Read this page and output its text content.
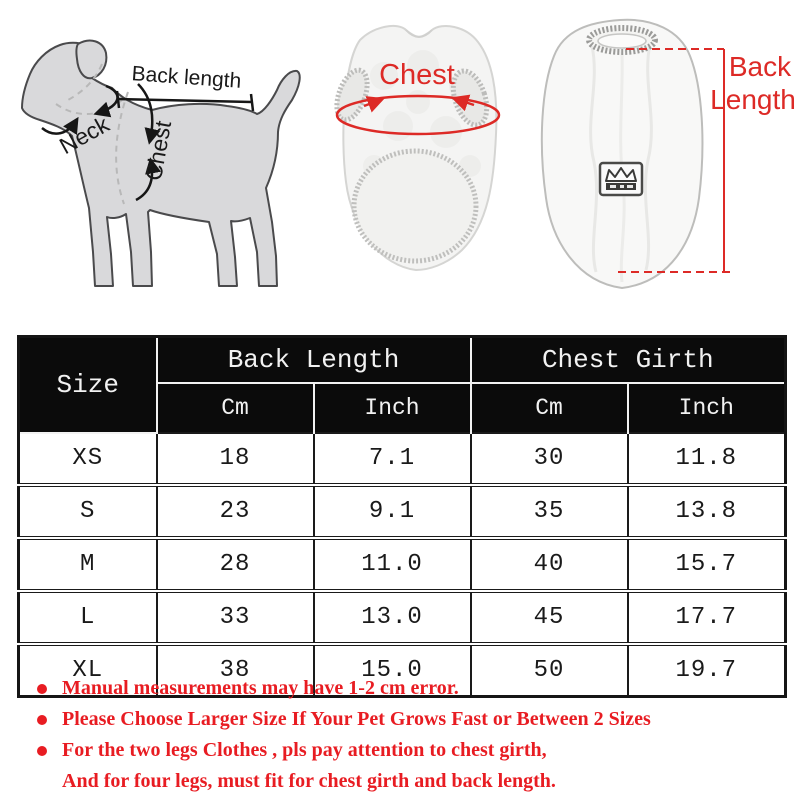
Back length
Neck Chest
Chest	Back
Length
Size	Back Length		Chest Girth	
	Cm	Inch	Cm	Inch
XS	18	7.1	30	11.8
S	23	9.1	35	13.8
M	28	11.0	40	15.7
L	33	13.0	45	17.7
XL	38	15.0	50	19.7
Manual measurements may have 1-2 cm error.
Please Choose Larger Size If Your Pet Grows Fast or Between 2 Sizes
For the two legs Clothes , pls pay attention to chest girth,
And for four legs, must fit for chest girth and back length.
